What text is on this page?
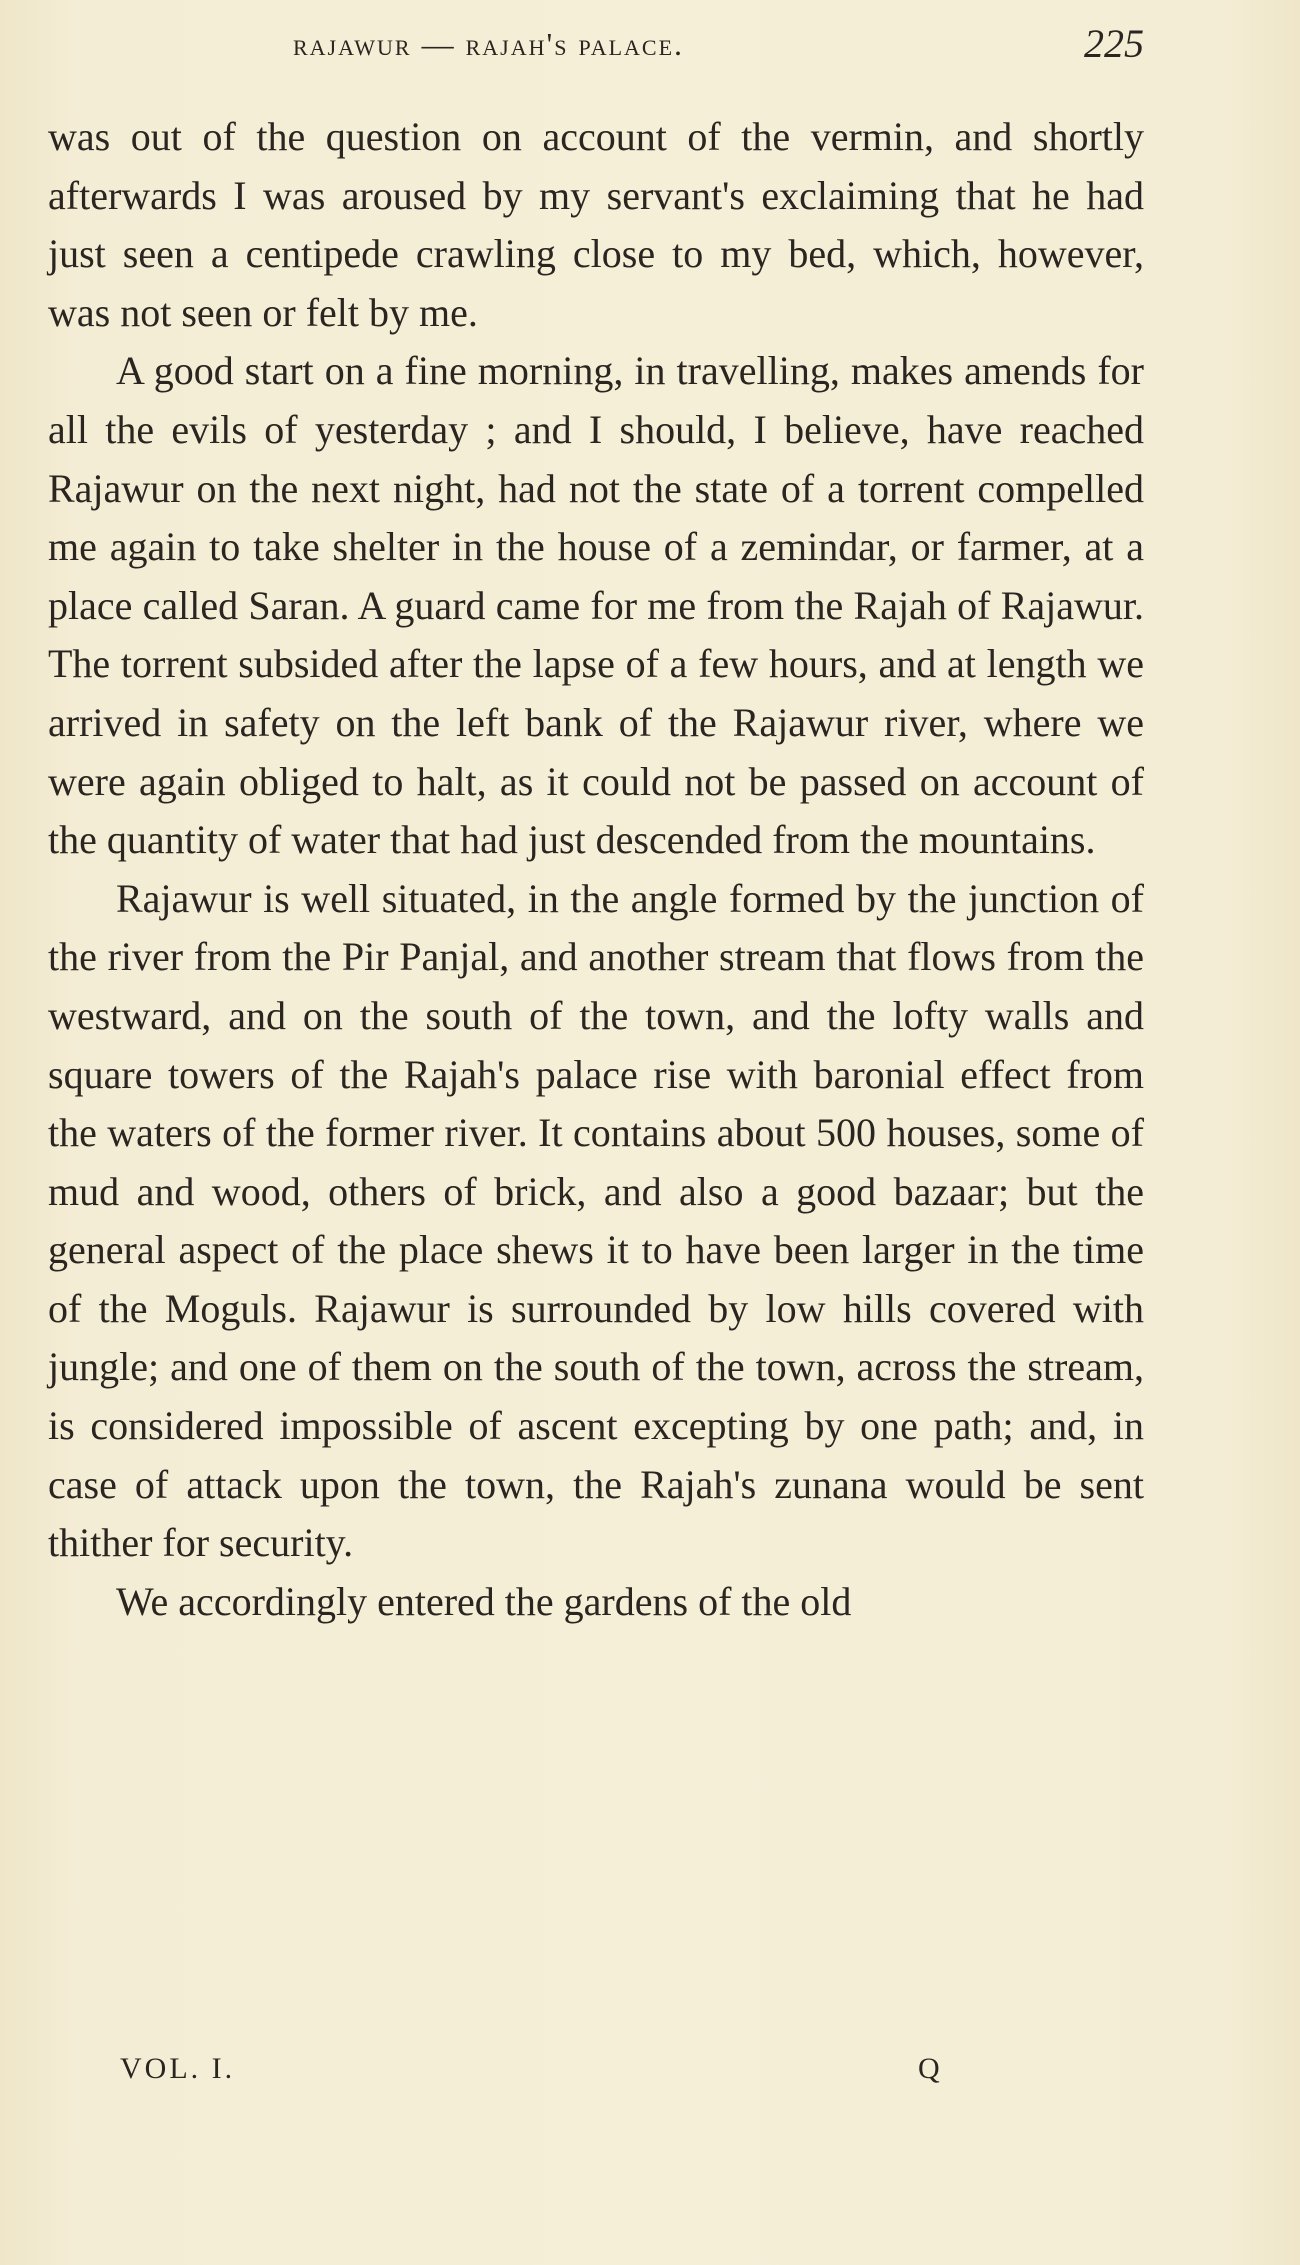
rajawur — rajah's palace.	225

was out of the question on account of the vermin, and shortly afterwards I was aroused by my servant's exclaiming that he had just seen a centipede crawling close to my bed, which, however, was not seen or felt by me.

A good start on a fine morning, in travelling, makes amends for all the evils of yesterday ; and I should, I believe, have reached Rajawur on the next night, had not the state of a torrent compelled me again to take shelter in the house of a zemindar, or farmer, at a place called Saran. A guard came for me from the Rajah of Rajawur. The torrent subsided after the lapse of a few hours, and at length we arrived in safety on the left bank of the Rajawur river, where we were again obliged to halt, as it could not be passed on account of the quantity of water that had just descended from the mountains.

Rajawur is well situated, in the angle formed by the junction of the river from the Pir Panjal, and another stream that flows from the westward, and on the south of the town, and the lofty walls and square towers of the Rajah's palace rise with baronial effect from the waters of the former river. It contains about 500 houses, some of mud and wood, others of brick, and also a good bazaar; but the general aspect of the place shews it to have been larger in the time of the Moguls. Rajawur is surrounded by low hills covered with jungle; and one of them on the south of the town, across the stream, is considered impossible of ascent excepting by one path; and, in case of attack upon the town, the Rajah's zunana would be sent thither for security.

We accordingly entered the gardens of the old

VOL. I.	Q
